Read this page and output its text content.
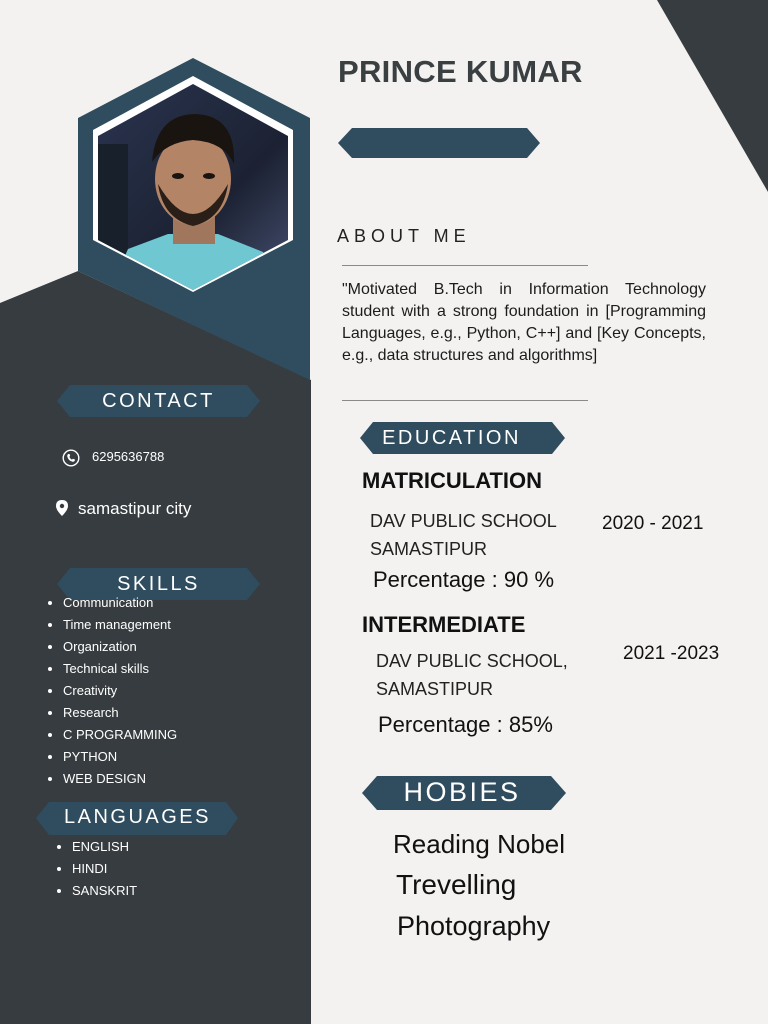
PRINCE KUMAR
ABOUT ME
"Motivated B.Tech in Information Technology student with a strong foundation in [Programming Languages, e.g., Python, C++] and [Key Concepts, e.g., data structures and algorithms]
CONTACT
6295636788
samastipur city
SKILLS
• Communication
• Time management
• Organization
• Technical skills
• Creativity
• Research
• C PROGRAMMING
• PYTHON
• WEB DESIGN
LANGUAGES
• ENGLISH
• HINDI
• SANSKRIT
EDUCATION
MATRICULATION
DAV PUBLIC SCHOOL
SAMASTIPUR
Percentage : 90 %
2020 - 2021
INTERMEDIATE
DAV PUBLIC SCHOOL,
SAMASTIPUR
Percentage : 85%
2021 -2023
HOBIES
Reading Nobel
Trevelling
Photography
